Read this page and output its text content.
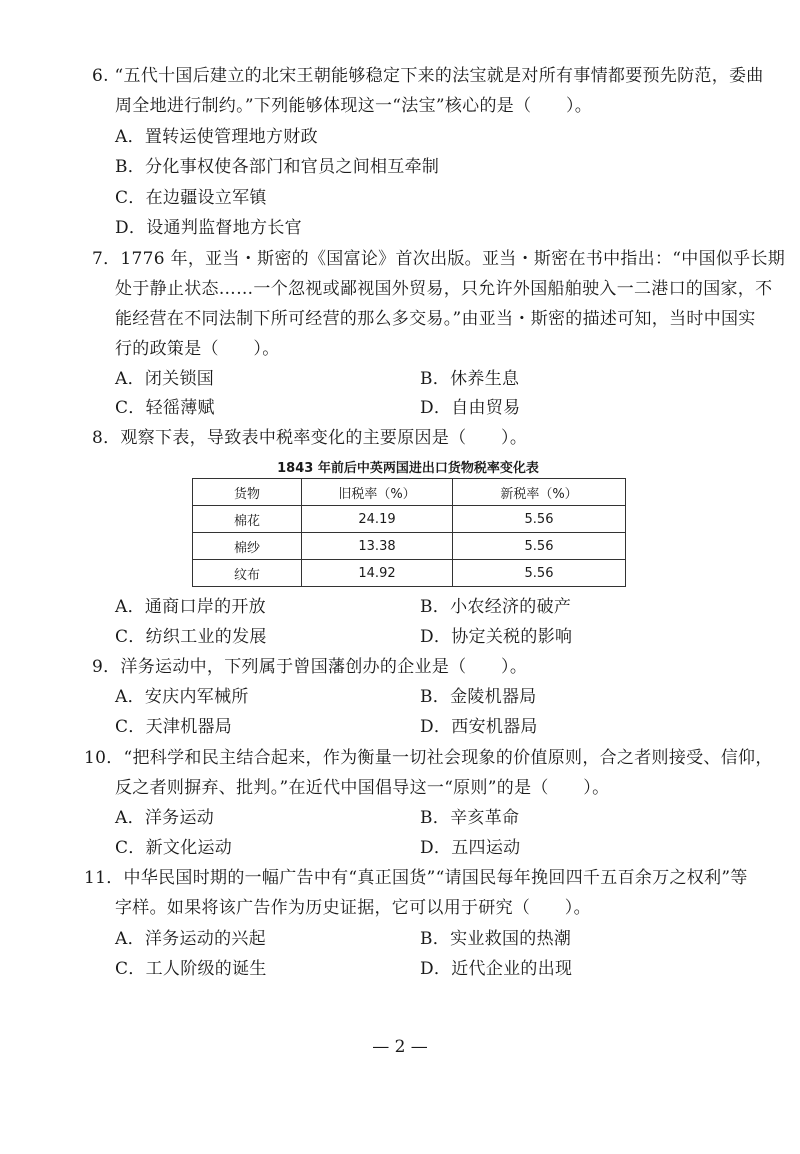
6. “五代十国后建立的北宋王朝能够稳定下来的法宝就是对所有事情都要预先防范，委曲
周全地进行制约。”下列能够体现这一“法宝”核心的是（　　）。
A．置转运使管理地方财政
B．分化事权使各部门和官员之间相互牵制
C．在边疆设立军镇
D．设通判监督地方长官
7．1776 年，亚当・斯密的《国富论》首次出版。亚当・斯密在书中指出：“中国似乎长期
处于静止状态……一个忽视或鄙视国外贸易，只允许外国船舶驶入一二港口的国家，不
能经营在不同法制下所可经营的那么多交易。”由亚当・斯密的描述可知，当时中国实
行的政策是（　　）。
A．闭关锁国	B．休养生息
C．轻徭薄赋	D．自由贸易
8．观察下表，导致表中税率变化的主要原因是（　　）。
1843 年前后中英两国进出口货物税率变化表
货物	旧税率（%）	新税率（%）
棉花	24.19	5.56
棉纱	13.38	5.56
纹布	14.92	5.56
A．通商口岸的开放	B．小农经济的破产
C．纺织工业的发展	D．协定关税的影响
9．洋务运动中，下列属于曾国藩创办的企业是（　　）。
A．安庆内军械所	B．金陵机器局
C．天津机器局	D．西安机器局
10．“把科学和民主结合起来，作为衡量一切社会现象的价值原则，合之者则接受、信仰，
反之者则摒弃、批判。”在近代中国倡导这一“原则”的是（　　）。
A．洋务运动	B．辛亥革命
C．新文化运动	D．五四运动
11．中华民国时期的一幅广告中有“真正国货”“请国民每年挽回四千五百余万之权利”等
字样。如果将该广告作为历史证据，它可以用于研究（　　）。
A．洋务运动的兴起	B．实业救国的热潮
C．工人阶级的诞生	D．近代企业的出现
— 2 —
